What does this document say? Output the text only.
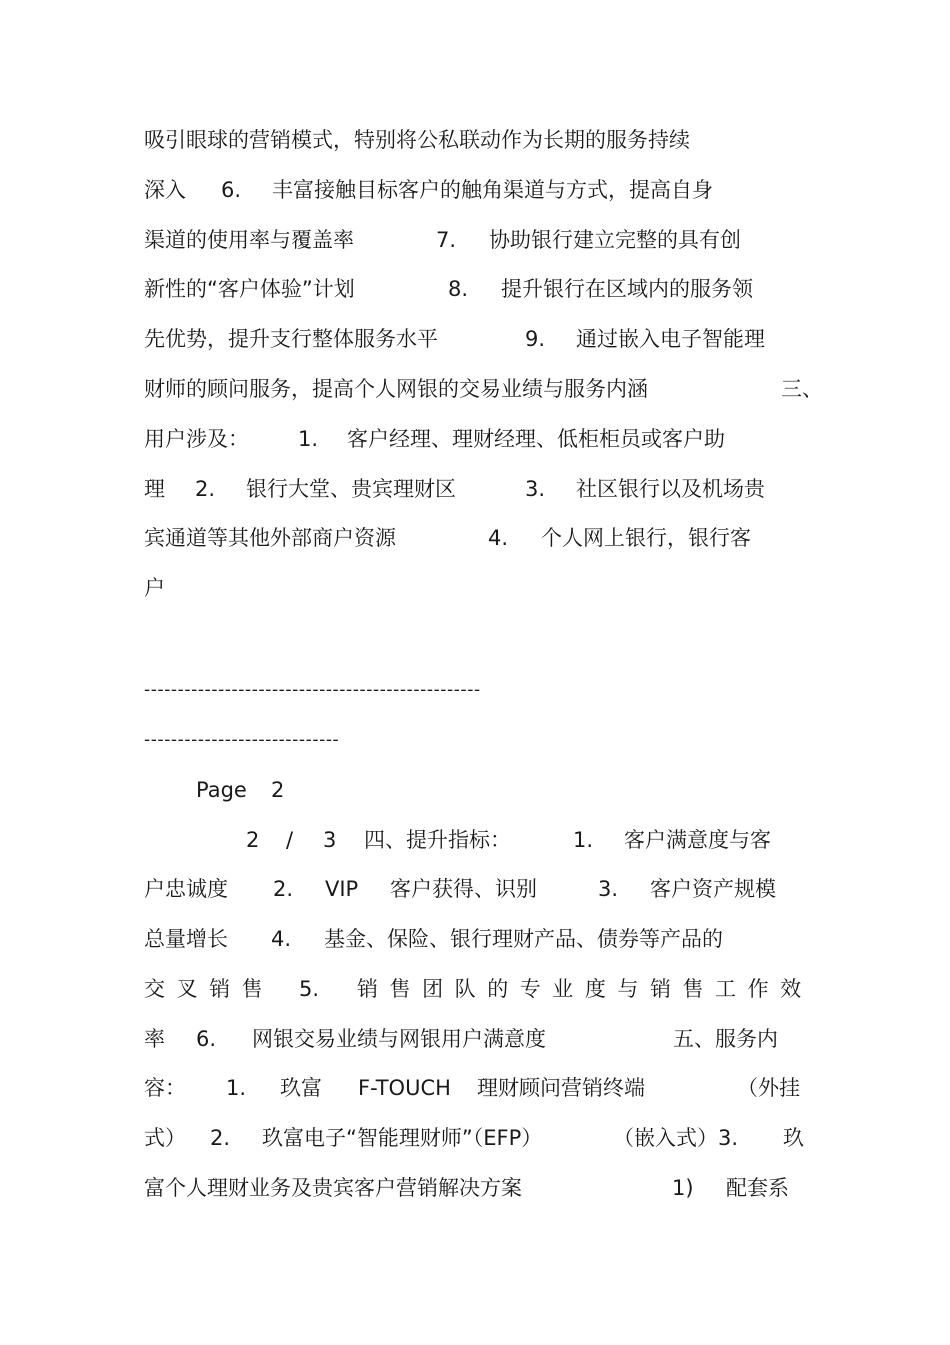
吸引眼球的营销模式，特别将公私联动作为长期的服务持续

深入

6.

丰富接触目标客户的触角渠道与方式，提高自身

渠道的使用率与覆盖率

	7.

协助银行建立完整的具有创

新性的“客户体验”计划

	8.

提升银行在区域内的服务领

先优势，提升支行整体服务水平

	9.

通过嵌入电子智能理

财师的顾问服务，提高个人网银的交易业绩与服务内涵

	三、

用户涉及：

1.

客户经理、理财经理、低柜柜员或客户助

理

2.

银行大堂、贵宾理财区

	3.

社区银行以及机场贵

宾通道等其他外部商户资源

	4.

个人网上银行，银行客

户

--------------------------------------------------

-----------------------------

Page

2

2

/

3

四、提升指标：

	1.

客户满意度与客

户忠诚度

2.

VIP

客户获得、识别

	3.

客户资产规模

总量增长

4.

基金、保险、银行理财产品、债券等产品的

交叉销售

5.

销售团队的专业度与销售工作效

率

6.

网银交易业绩与网银用户满意度

	五、服务内

容：

1.

玖富

F-TOUCH

理财顾问营销终端

	（外挂

式）

2.

玖富电子“智能理财师”（EFP）

	（嵌入式）3.

玖

富个人理财业务及贵宾客户营销解决方案

	1)

配套系
